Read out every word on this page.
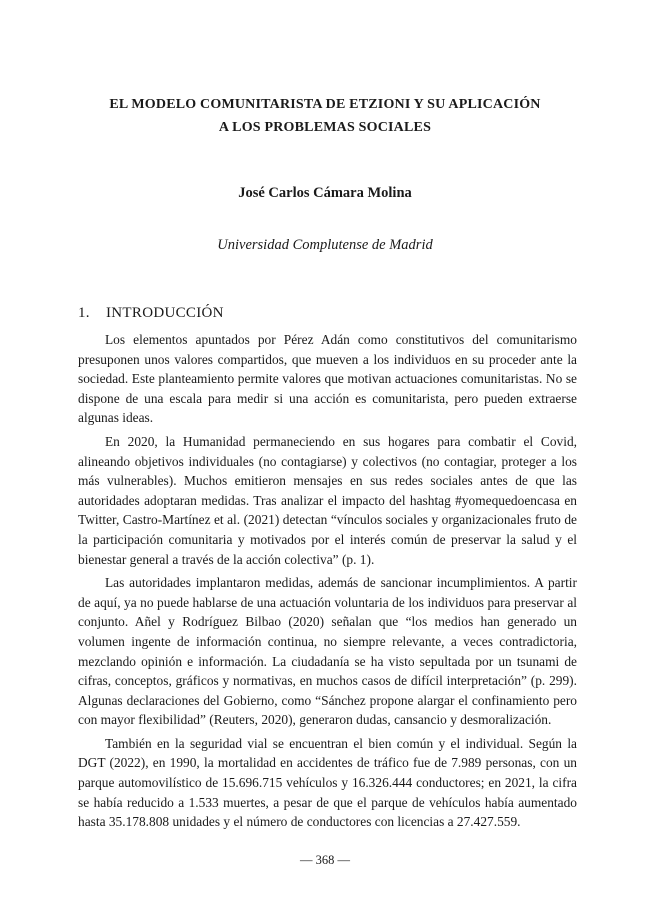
EL MODELO COMUNITARISTA DE ETZIONI Y SU APLICACIÓN
A LOS PROBLEMAS SOCIALES
José Carlos Cámara Molina
Universidad Complutense de Madrid
1. INTRODUCCIÓN

Los elementos apuntados por Pérez Adán como constitutivos del comunitarismo presuponen unos valores compartidos, que mueven a los individuos en su proceder ante la sociedad. Este planteamiento permite valores que motivan actuaciones comunitaristas. No se dispone de una escala para medir si una acción es comunitarista, pero pueden extraerse algunas ideas.

En 2020, la Humanidad permaneciendo en sus hogares para combatir el Covid, alineando objetivos individuales (no contagiarse) y colectivos (no contagiar, proteger a los más vulnerables). Muchos emitieron mensajes en sus redes sociales antes de que las autoridades adoptaran medidas. Tras analizar el impacto del hashtag #yomequedoencasa en Twitter, Castro-Martínez et al. (2021) detectan “vínculos sociales y organizacionales fruto de la participación comunitaria y motivados por el interés común de preservar la salud y el bienestar general a través de la acción colectiva” (p. 1).

Las autoridades implantaron medidas, además de sancionar incumplimientos. A partir de aquí, ya no puede hablarse de una actuación voluntaria de los individuos para preservar al conjunto. Añel y Rodríguez Bilbao (2020) señalan que “los medios han generado un volumen ingente de información continua, no siempre relevante, a veces contradictoria, mezclando opinión e información. La ciudadanía se ha visto sepultada por un tsunami de cifras, conceptos, gráficos y normativas, en muchos casos de difícil interpretación” (p. 299). Algunas declaraciones del Gobierno, como “Sánchez propone alargar el confinamiento pero con mayor flexibilidad” (Reuters, 2020), generaron dudas, cansancio y desmoralización.

También en la seguridad vial se encuentran el bien común y el individual. Según la DGT (2022), en 1990, la mortalidad en accidentes de tráfico fue de 7.989 personas, con un parque automovilístico de 15.696.715 vehículos y 16.326.444 conductores; en 2021, la cifra se había reducido a 1.533 muertes, a pesar de que el parque de vehículos había aumentado hasta 35.178.808 unidades y el número de conductores con licencias a 27.427.559.

— 368 —
